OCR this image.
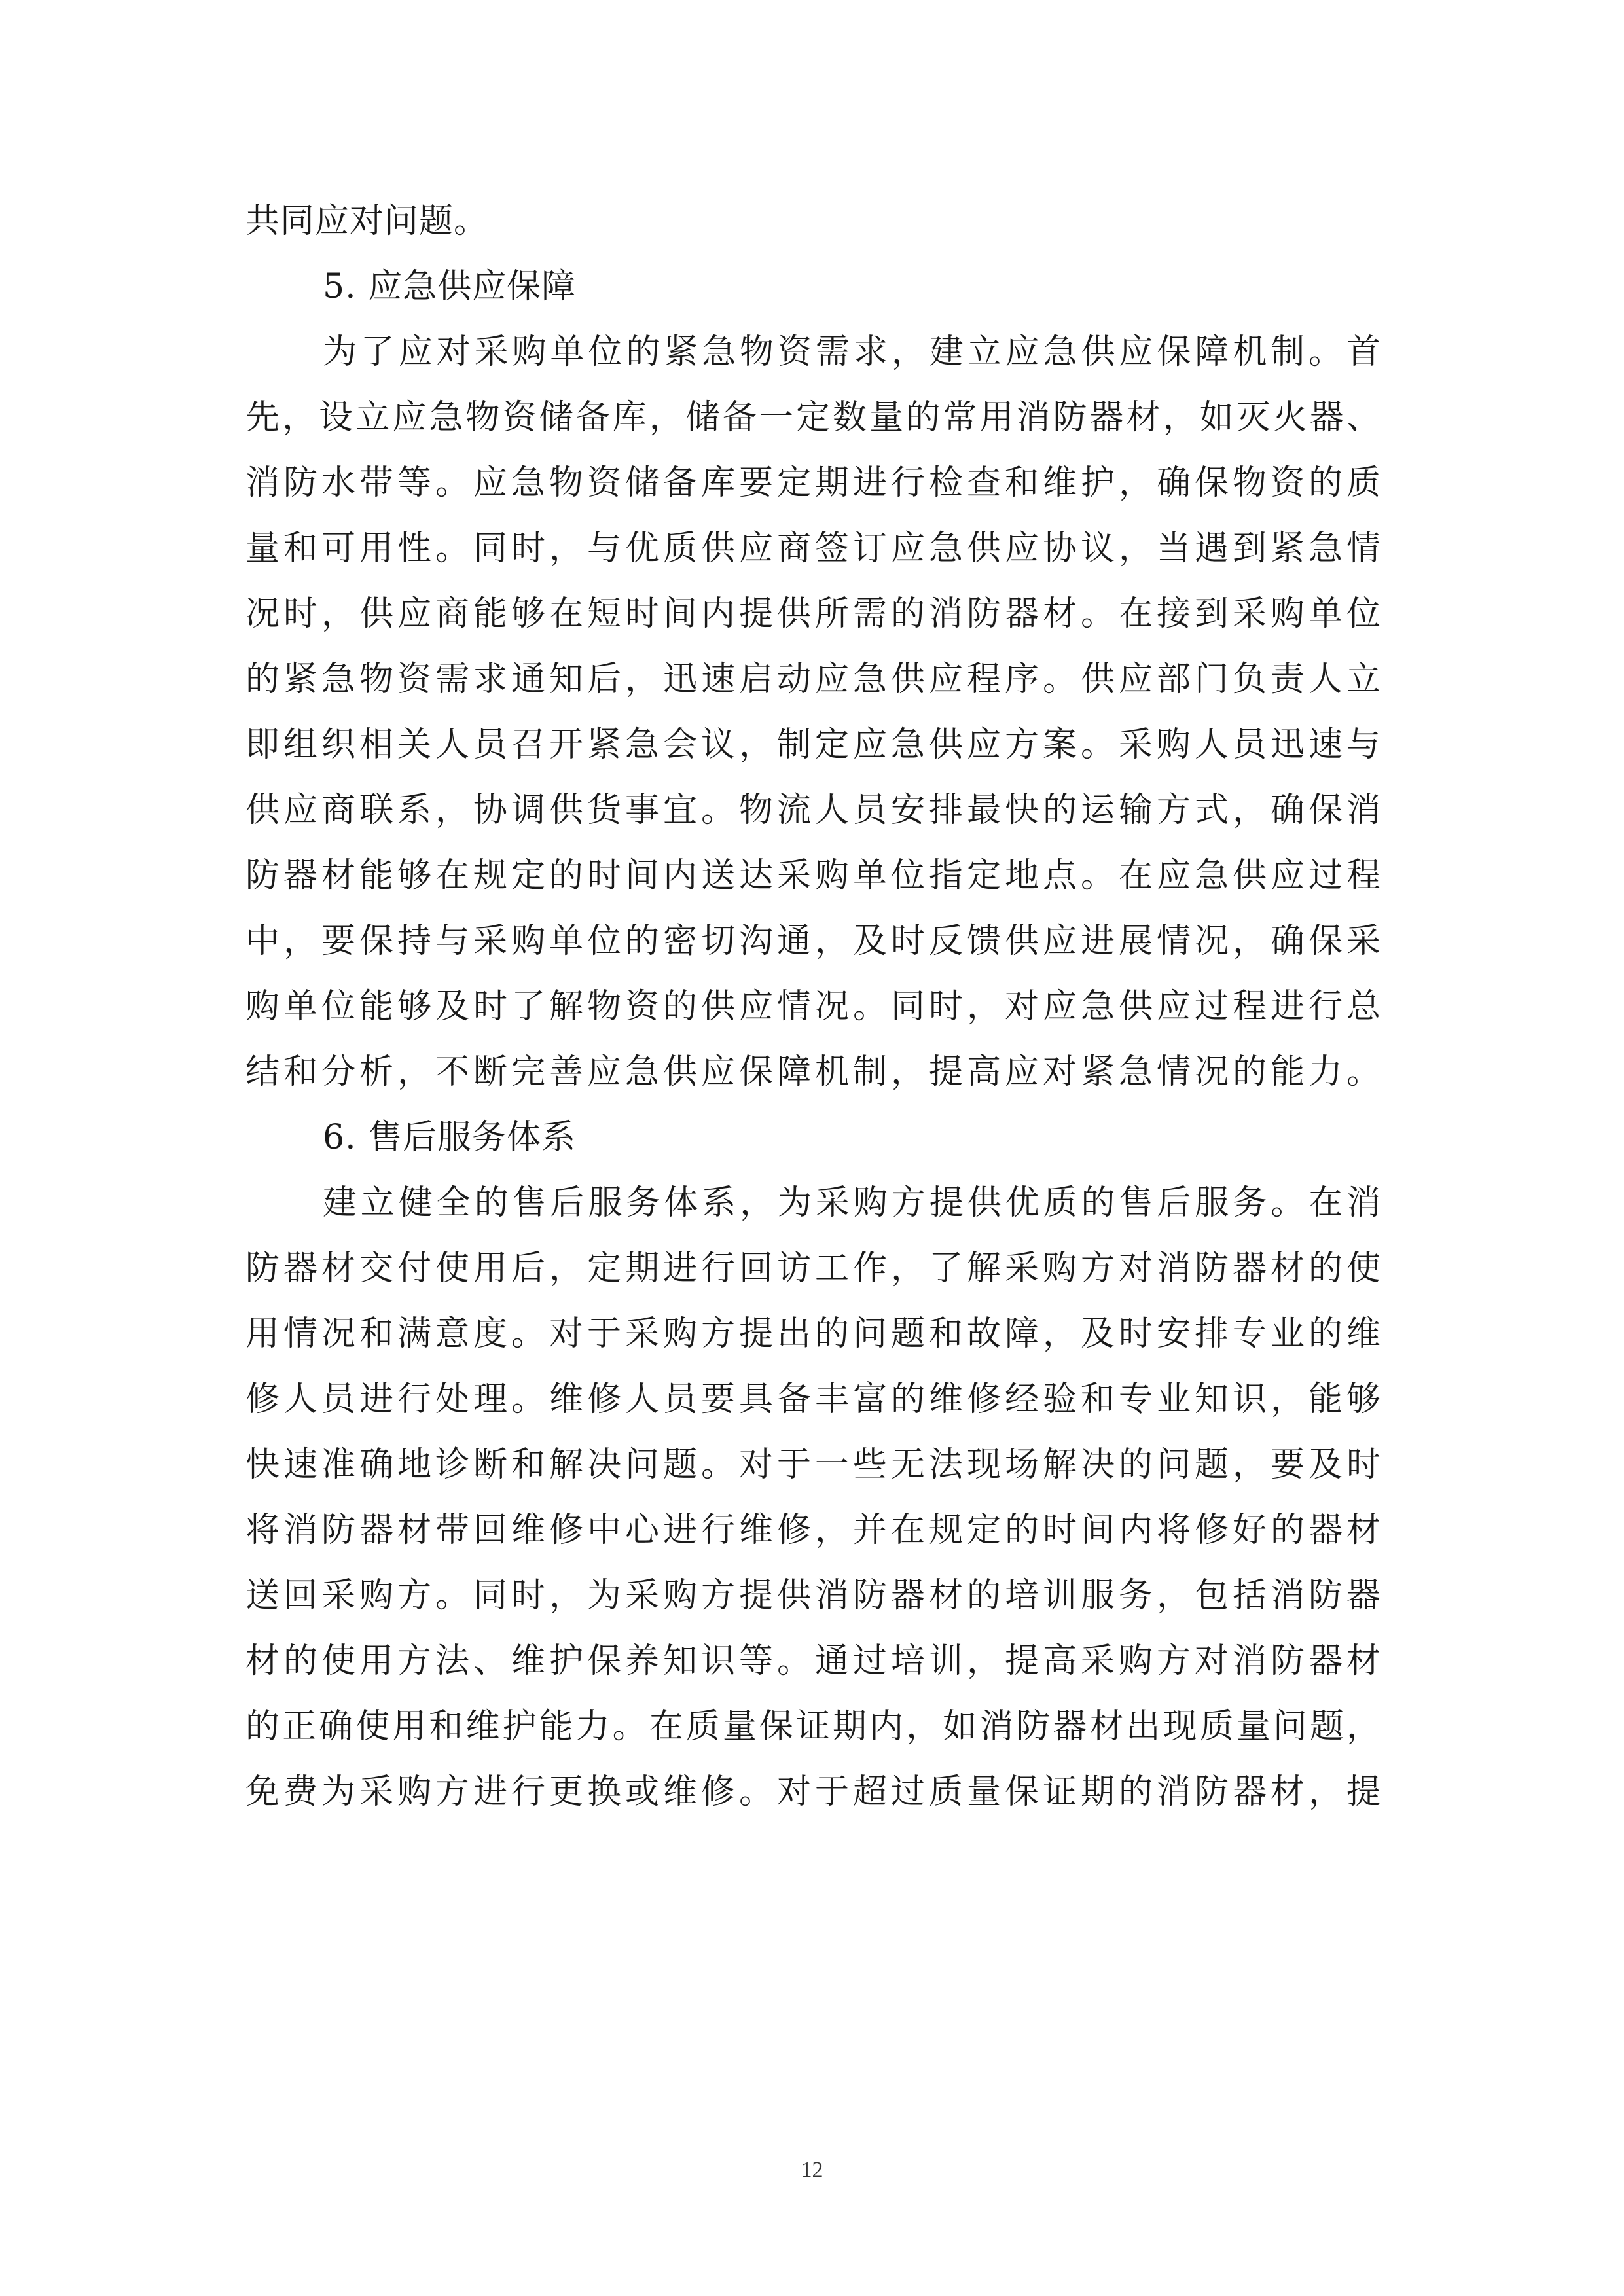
共同应对问题。
5. 应急供应保障
为了应对采购单位的紧急物资需求，建立应急供应保障机制。首
先，设立应急物资储备库，储备一定数量的常用消防器材，如灭火器、
消防水带等。应急物资储备库要定期进行检查和维护，确保物资的质
量和可用性。同时，与优质供应商签订应急供应协议，当遇到紧急情
况时，供应商能够在短时间内提供所需的消防器材。在接到采购单位
的紧急物资需求通知后，迅速启动应急供应程序。供应部门负责人立
即组织相关人员召开紧急会议，制定应急供应方案。采购人员迅速与
供应商联系，协调供货事宜。物流人员安排最快的运输方式，确保消
防器材能够在规定的时间内送达采购单位指定地点。在应急供应过程
中，要保持与采购单位的密切沟通，及时反馈供应进展情况，确保采
购单位能够及时了解物资的供应情况。同时，对应急供应过程进行总
结和分析，不断完善应急供应保障机制，提高应对紧急情况的能力。
6. 售后服务体系
建立健全的售后服务体系，为采购方提供优质的售后服务。在消
防器材交付使用后，定期进行回访工作，了解采购方对消防器材的使
用情况和满意度。对于采购方提出的问题和故障，及时安排专业的维
修人员进行处理。维修人员要具备丰富的维修经验和专业知识，能够
快速准确地诊断和解决问题。对于一些无法现场解决的问题，要及时
将消防器材带回维修中心进行维修，并在规定的时间内将修好的器材
送回采购方。同时，为采购方提供消防器材的培训服务，包括消防器
材的使用方法、维护保养知识等。通过培训，提高采购方对消防器材
的正确使用和维护能力。在质量保证期内，如消防器材出现质量问题，
免费为采购方进行更换或维修。对于超过质量保证期的消防器材，提
12
